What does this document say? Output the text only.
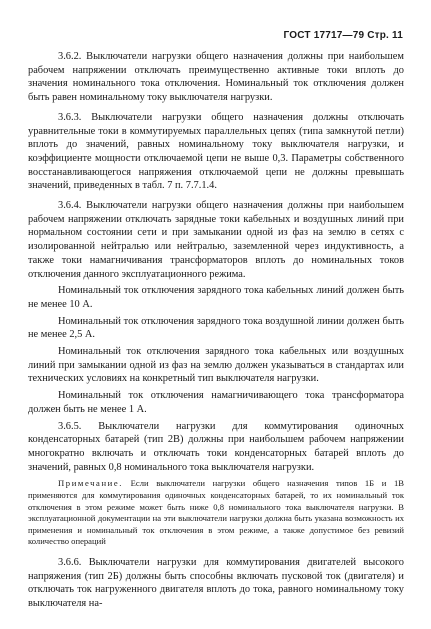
ГОСТ 17717—79 Стр. 11

3.6.2. Выключатели нагрузки общего назначения должны при наибольшем рабочем напряжении отключать преимущественно активные токи вплоть до значения номинального тока отключения. Номинальный ток отключения должен быть равен номинальному току выключателя нагрузки.

3.6.3. Выключатели нагрузки общего назначения должны отключать уравнительные токи в коммутируемых параллельных цепях (типа замкнутой петли) вплоть до значений, равных номинальному току выключателя нагрузки, и коэффициенте мощности отключаемой цепи не выше 0,3. Параметры собственного восстанавливающегося напряжения отключаемой цепи не должны превышать значений, приведенных в табл. 7 п. 7.7.1.4.

3.6.4. Выключатели нагрузки общего назначения должны при наибольшем рабочем напряжении отключать зарядные токи кабельных и воздушных линий при нормальном состоянии сети и при замыкании одной из фаз на землю в сетях с изолированной нейтралью или нейтралью, заземленной через индуктивность, а также токи намагничивания трансформаторов вплоть до номинальных токов отключения данного эксплуатационного режима.

Номинальный ток отключения зарядного тока кабельных линий должен быть не менее 10 А.

Номинальный ток отключения зарядного тока воздушной линии должен быть не менее 2,5 А.

Номинальный ток отключения зарядного тока кабельных или воздушных линий при замыкании одной из фаз на землю должен указываться в стандартах или технических условиях на конкретный тип выключателя нагрузки.

Номинальный ток отключения намагничивающего тока трансформатора должен быть не менее 1 А.

3.6.5. Выключатели нагрузки для коммутирования одиночных конденсаторных батарей (тип 2В) должны при наибольшем рабочем напряжении многократно включать и отключать токи конденсаторных батарей вплоть до значений, равных 0,8 номинального тока выключателя нагрузки.

Примечание. Если выключатели нагрузки общего назначения типов 1Б и 1В применяются для коммутирования одиночных конденсаторных батарей, то их номинальный ток отключения в этом режиме может быть ниже 0,8 номинального тока выключателя нагрузки. В эксплуатационной документации на эти выключатели нагрузки должна быть указана возможность их применения и номинальный ток отключения в этом режиме, а также допустимое без ревизий количество операций

3.6.6. Выключатели нагрузки для коммутирования двигателей высокого напряжения (тип 2Б) должны быть способны включать пусковой ток (двигателя) и отключать ток нагруженного двигателя вплоть до тока, равного номинальному току выключателя на-
